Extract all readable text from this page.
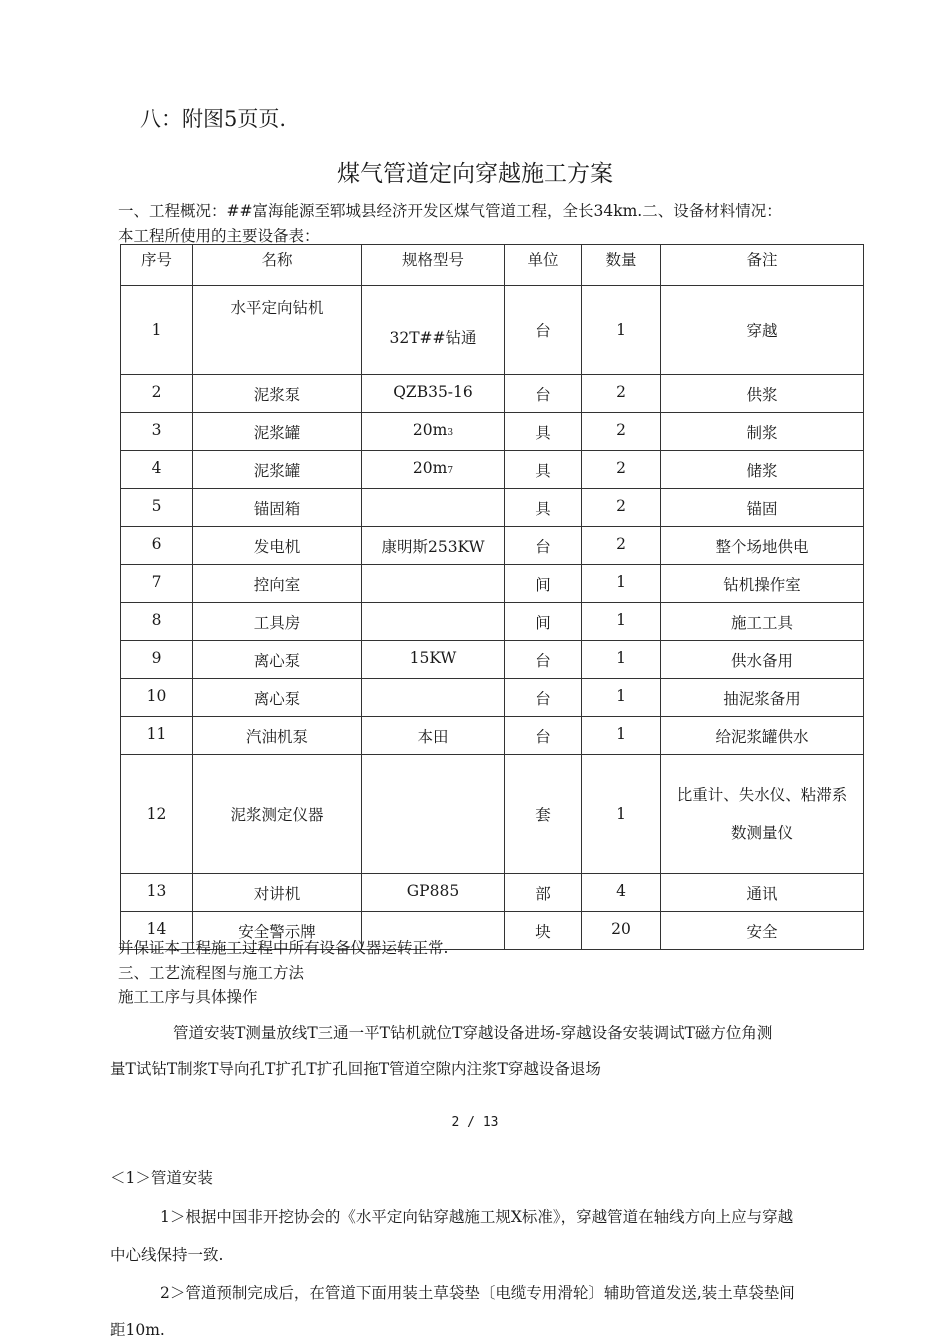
八：附图5页页.
煤气管道定向穿越施工方案
一、工程概况：##富海能源至郓城县经济开发区煤气管道工程，全长34km.二、设备材料情况：
本工程所使用的主要设备表：
序号	名称	规格型号	单位	数量	备注
1	水平定向钻机	32T##钻通	台	1	穿越
2	泥浆泵	QZB35-16	台	2	供浆
3	泥浆罐	20m3	具	2	制浆
4	泥浆罐	20m7	具	2	储浆
5	锚固箱		具	2	锚固
6	发电机	康明斯253KW	台	2	整个场地供电
7	控向室		间	1	钻机操作室
8	工具房		间	1	施工工具
9	离心泵	15KW	台	1	供水备用
10	离心泵		台	1	抽泥浆备用
11	汽油机泵	本田	台	1	给泥浆罐供水
12	泥浆测定仪器		套	1	比重计、失水仪、粘滞系
数测量仪

13	对讲机	GP885	部	4	通讯
14	安全警示牌		块	20	安全
并保证本工程施工过程中所有设备仪器运转正常.
三、工艺流程图与施工方法
施工工序与具体操作
管道安装T测量放线T三通一平T钻机就位T穿越设备进场-穿越设备安装调试T磁方位角测
量T试钻T制浆T导向孔T扩孔T扩孔回拖T管道空隙内注浆T穿越设备退场
2 / 13
＜1＞管道安装
1＞根据中国非开挖协会的《水平定向钻穿越施工规X标准》，穿越管道在轴线方向上应与穿越
中心线保持一致.
2＞管道预制完成后，在管道下面用装土草袋垫〔电缆专用滑轮〕辅助管道发送,装土草袋垫间
距10m.
